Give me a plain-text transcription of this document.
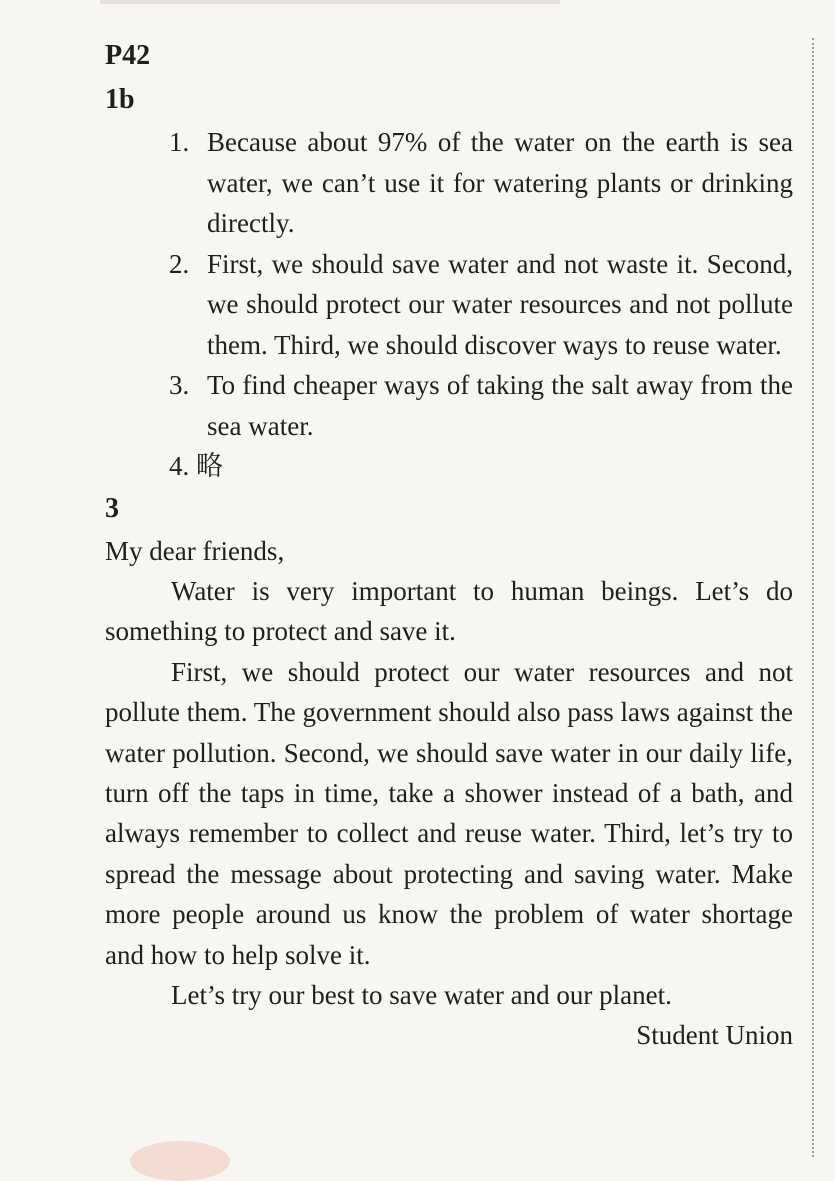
P42
1b
1. Because about 97% of the water on the earth is sea water, we can’t use it for watering plants or drinking directly.
2. First, we should save water and not waste it. Second, we should protect our water resources and not pollute them. Third, we should discover ways to reuse water.
3. To find cheaper ways of taking the salt away from the sea water.
4. 略
3

My dear friends,

Water is very important to human beings. Let’s do something to protect and save it.

First, we should protect our water resources and not pollute them. The government should also pass laws against the water pollution. Second, we should save water in our daily life, turn off the taps in time, take a shower instead of a bath, and always remember to collect and reuse water. Third, let’s try to spread the message about protecting and saving water. Make more people around us know the problem of water shortage and how to help solve it.

Let’s try our best to save water and our planet.

Student Union
